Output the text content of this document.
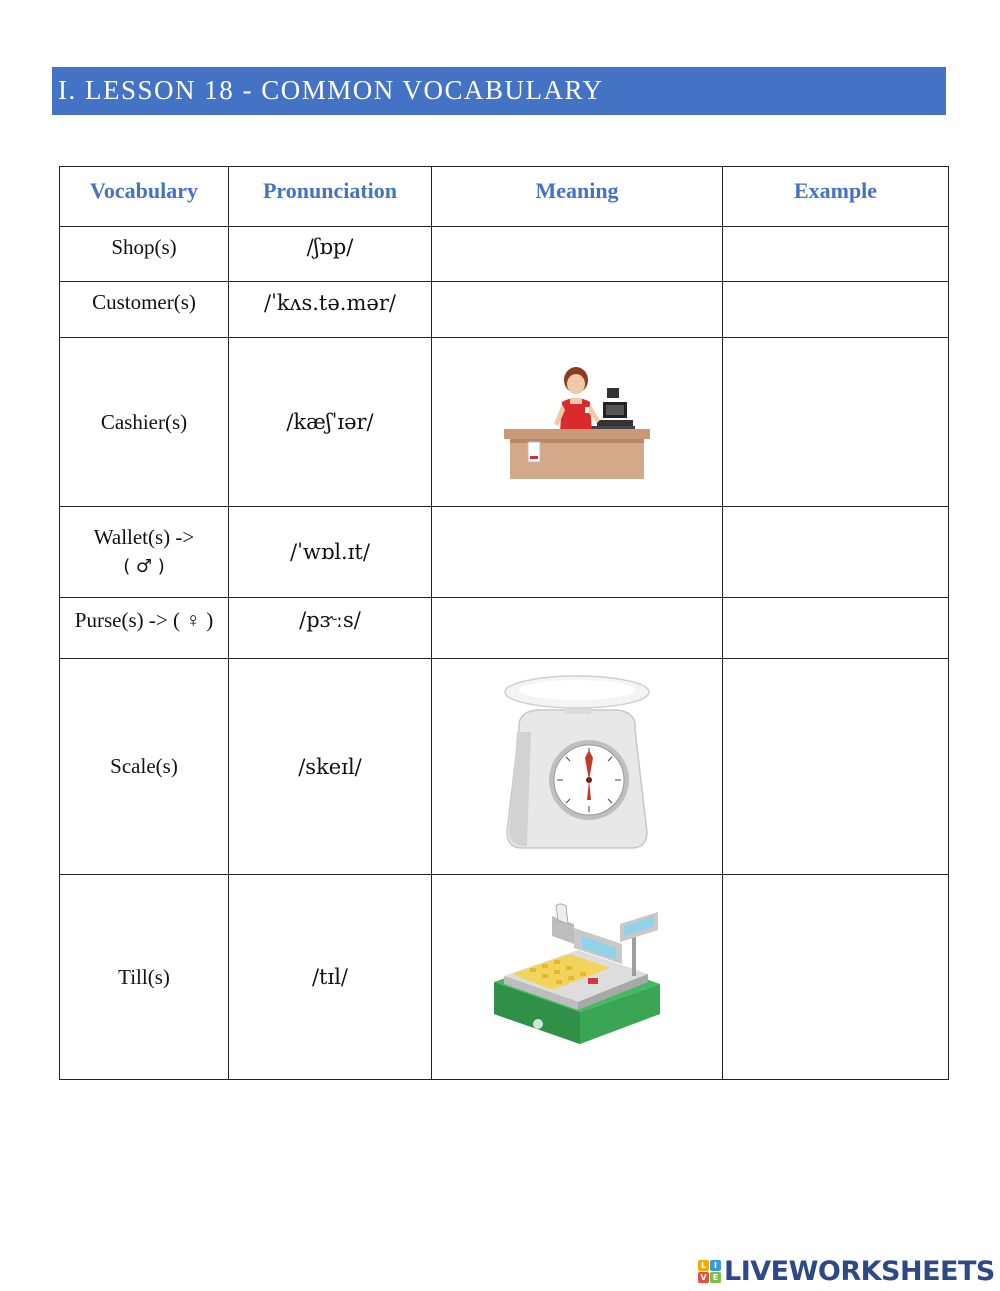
I. LESSON 18 - COMMON VOCABULARY
Vocabulary	Pronunciation	Meaning	Example
Shop(s)	/ʃɒp/		
Customer(s)	/ˈkʌs.tə.mər/		
Cashier(s)	/kæʃˈɪər/	

Wallet(s) ->
( ♂ )	/ˈwɒl.ɪt/		
Purse(s) -> ( ♀ )	/pɝːs/		
Scale(s)	/skeɪl/	

Till(s)	/tɪl/	

L I
V E LIVEWORKSHEETS
